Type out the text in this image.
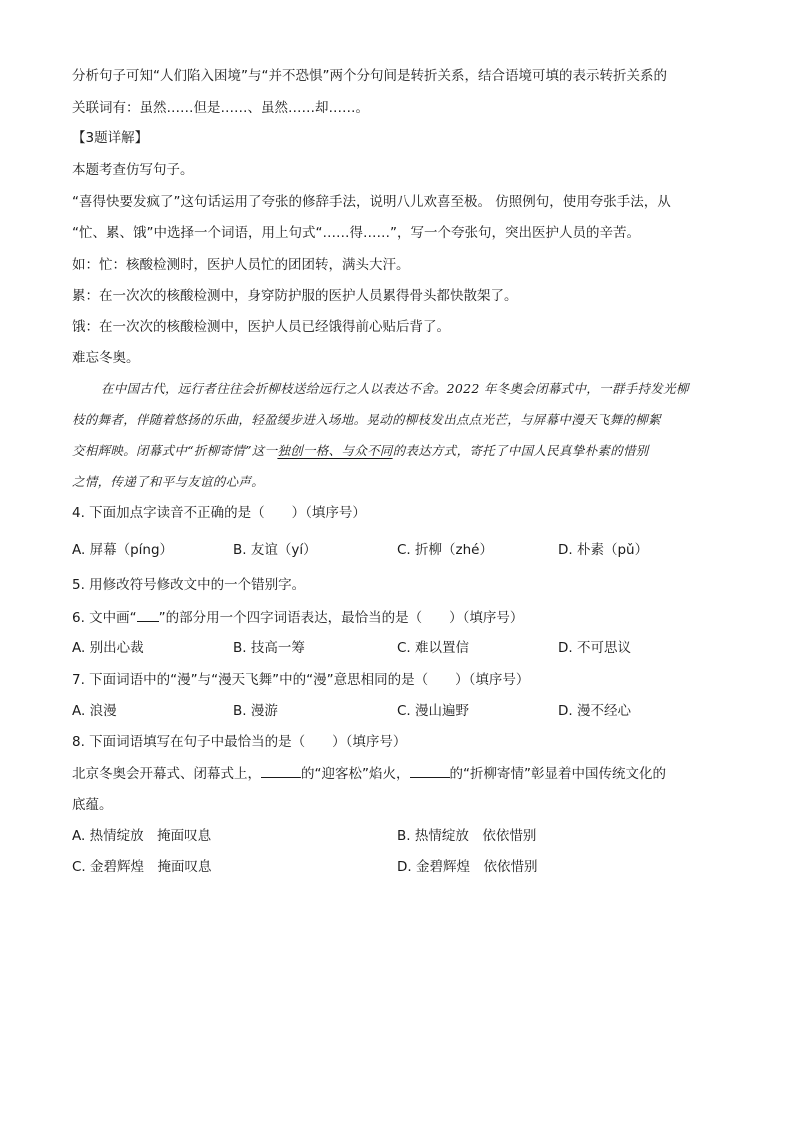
分析句子可知“人们陷入困境”与“并不恐惧”两个分句间是转折关系，结合语境可填的表示转折关系的
关联词有：虽然……但是……、虽然……却……。
【3题详解】
本题考查仿写句子。
“喜得快要发疯了”这句话运用了夸张的修辞手法，说明八儿欢喜至极。 仿照例句，使用夸张手法，从
“忙、累、饿”中选择一个词语，用上句式“……得……”，写一个夸张句，突出医护人员的辛苦。
如：忙：核酸检测时，医护人员忙的团团转，满头大汗。
累：在一次次的核酸检测中，身穿防护服的医护人员累得骨头都快散架了。
饿：在一次次的核酸检测中，医护人员已经饿得前心贴后背了。
难忘冬奥。
在中国古代，远行者往往会折柳枝送给远行之人以表达不舍。2022 年冬奥会闭幕式中，一群手持发光柳
枝的舞者，伴随着悠扬的乐曲，轻盈缓步进入场地。晃动的柳枝发出点点光芒，与屏幕中漫天飞舞的柳絮
交相辉映。闭幕式中“折柳寄情”这一独创一格、与众不同的表达方式，寄托了中国人民真挚朴素的惜别
之情，传递了和平与友谊的心声。
4. 下面加点字读音不正确的是（　　）（填序号）
A. 屏幕（píng）	B. 友谊（yí）	C. 折柳（zhé）	D. 朴素（pǔ）
5. 用修改符号修改文中的一个错别字。
6. 文中画“ ”的部分用一个四字词语表达，最恰当的是（　　）（填序号）
A. 别出心裁	B. 技高一筹	C. 难以置信	D. 不可思议
7. 下面词语中的“漫”与“漫天飞舞”中的“漫”意思相同的是（　　）（填序号）
A. 浪漫	B. 漫游	C. 漫山遍野	D. 漫不经心
8. 下面词语填写在句子中最恰当的是（　　）（填序号）
北京冬奥会开幕式、闭幕式上，	的“迎客松”焰火，	的“折柳寄情”彰显着中国传统文化的
底蕴。
A. 热情绽放　掩面叹息	B. 热情绽放　依依惜别
C. 金碧辉煌　掩面叹息	D. 金碧辉煌　依依惜别
